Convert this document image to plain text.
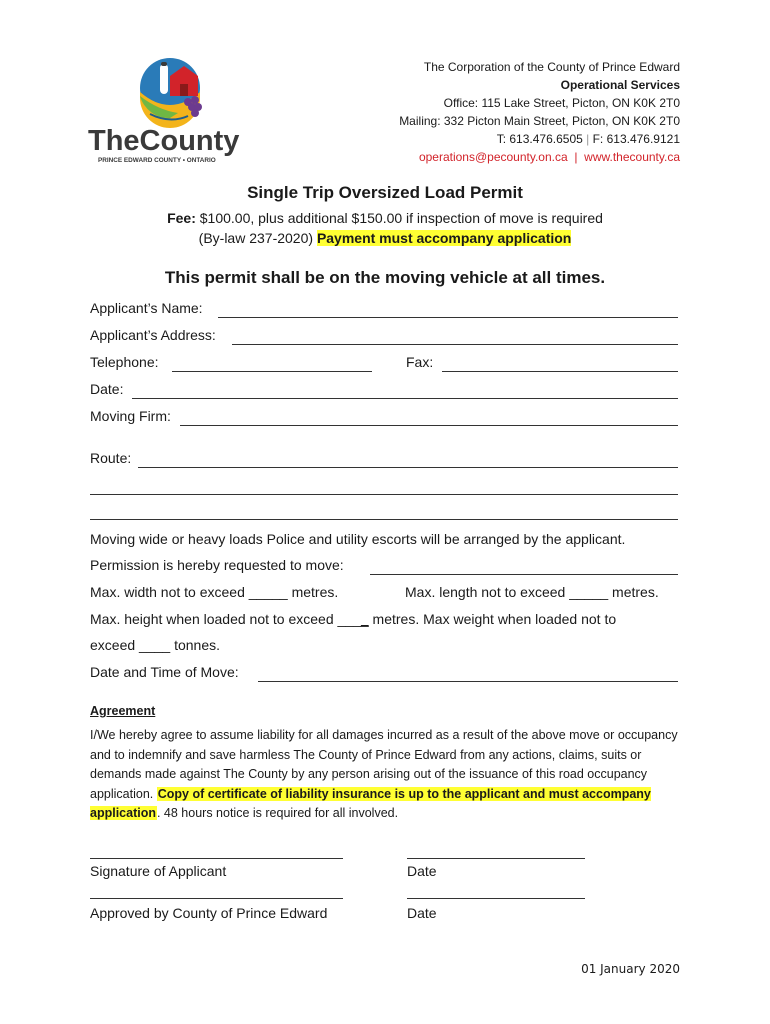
TheCounty
PRINCE EDWARD COUNTY • ONTARIO
The Corporation of the County of Prince Edward
Operational Services
Office: 115 Lake Street, Picton, ON K0K 2T0
Mailing: 332 Picton Main Street, Picton, ON K0K 2T0
T: 613.476.6505 | F: 613.476.9121
operations@pecounty.on.ca | www.thecounty.ca
Single Trip Oversized Load Permit
Fee: $100.00, plus additional $150.00 if inspection of move is required
(By-law 237-2020) Payment must accompany application
This permit shall be on the moving vehicle at all times.
Applicant’s Name:
Applicant’s Address:
Telephone:	Fax:
Date:
Moving Firm:
Route:
Moving wide or heavy loads Police and utility escorts will be arranged by the applicant.
Permission is hereby requested to move:
Max. width not to exceed _____ metres.	Max. length not to exceed _____ metres.
Max. height when loaded not to exceed ____ metres. Max weight when loaded not to
exceed ____ tonnes.
Date and Time of Move:
Agreement
I/We hereby agree to assume liability for all damages incurred as a result of the above move or occupancy and to indemnify and save harmless The County of Prince Edward from any actions, claims, suits or demands made against The County by any person arising out of the issuance of this road occupancy application. Copy of certificate of liability insurance is up to the applicant and must accompany application. 48 hours notice is required for all involved.
Signature of Applicant	Date
Approved by County of Prince Edward	Date
01 January 2020
